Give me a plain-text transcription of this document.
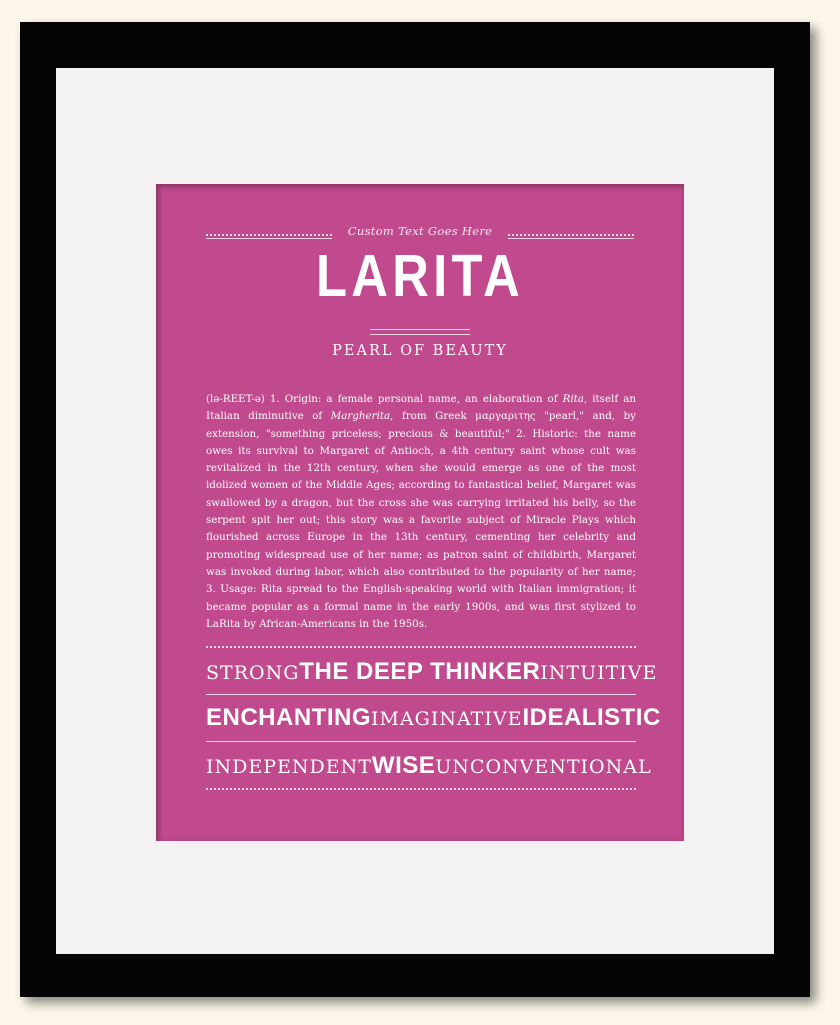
Custom Text Goes Here
LARITA
PEARL OF BEAUTY
(lə-REET-ə) 1. Origin: a female personal name, an elaboration of Rita, itself an Italian diminutive of Margherita, from Greek μαργαριτης "pearl," and, by extension, "something priceless; precious & beautiful;" 2. Historic: the name owes its survival to Margaret of Antioch, a 4th century saint whose cult was revitalized in the 12th century, when she would emerge as one of the most idolized women of the Middle Ages; according to fantastical belief, Margaret was swallowed by a dragon, but the cross she was carrying irritated his belly, so the serpent spit her out; this story was a favorite subject of Miracle Plays which flourished across Europe in the 13th century, cementing her celebrity and promoting widespread use of her name; as patron saint of childbirth, Margaret was invoked during labor, which also contributed to the popularity of her name; 3. Usage: Rita spread to the English-speaking world with Italian immigration; it became popular as a formal name in the early 1900s, and was first stylized to LaRita by African-Americans in the 1950s.
STRONG THE DEEP THINKER INTUITIVE
ENCHANTING IMAGINATIVE IDEALISTIC
INDEPENDENT WISE UNCONVENTIONAL
